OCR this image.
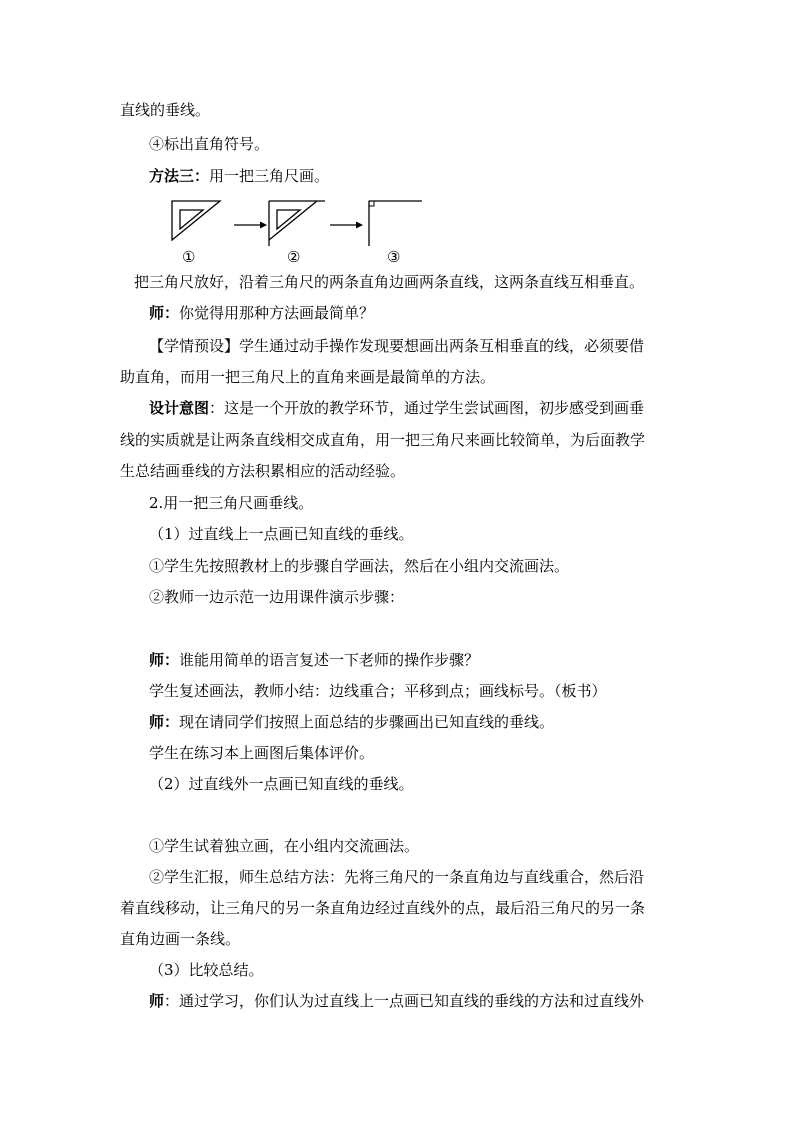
直线的垂线。
④标出直角符号。
方法三：用一把三角尺画。
①	②	③
把三角尺放好，沿着三角尺的两条直角边画两条直线，这两条直线互相垂直。
师：你觉得用那种方法画最简单？
【学情预设】学生通过动手操作发现要想画出两条互相垂直的线，必须要借
助直角，而用一把三角尺上的直角来画是最简单的方法。
设计意图：这是一个开放的教学环节，通过学生尝试画图，初步感受到画垂
线的实质就是让两条直线相交成直角，用一把三角尺来画比较简单，为后面教学
生总结画垂线的方法积累相应的活动经验。
2.用一把三角尺画垂线。
（1）过直线上一点画已知直线的垂线。
①学生先按照教材上的步骤自学画法，然后在小组内交流画法。
②教师一边示范一边用课件演示步骤：
师：谁能用简单的语言复述一下老师的操作步骤？
学生复述画法，教师小结：边线重合；平移到点；画线标号。（板书）
师：现在请同学们按照上面总结的步骤画出已知直线的垂线。
学生在练习本上画图后集体评价。
（2）过直线外一点画已知直线的垂线。
①学生试着独立画，在小组内交流画法。
②学生汇报，师生总结方法：先将三角尺的一条直角边与直线重合，然后沿
着直线移动，让三角尺的另一条直角边经过直线外的点，最后沿三角尺的另一条
直角边画一条线。
（3）比较总结。
师：通过学习，你们认为过直线上一点画已知直线的垂线的方法和过直线外
